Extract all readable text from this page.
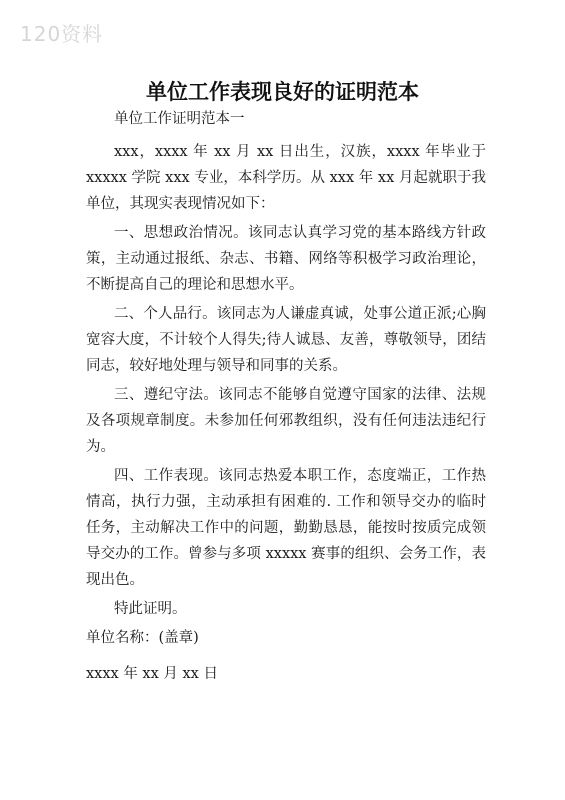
120资料
单位工作表现良好的证明范本
单位工作证明范本一

xxx，xxxx 年 xx 月 xx 日出生，汉族，xxxx 年毕业于 xxxxx 学院 xxx 专业，本科学历。从 xxx 年 xx 月起就职于我单位，其现实表现情况如下：

一、思想政治情况。该同志认真学习党的基本路线方针政策，主动通过报纸、杂志、书籍、网络等积极学习政治理论，不断提高自己的理论和思想水平。

二、个人品行。该同志为人谦虚真诚，处事公道正派;心胸宽容大度，不计较个人得失;待人诚恳、友善，尊敬领导，团结同志，较好地处理与领导和同事的关系。

三、遵纪守法。该同志不能够自觉遵守国家的法律、法规及各项规章制度。未参加任何邪教组织，没有任何违法违纪行为。

四、工作表现。该同志热爱本职工作，态度端正，工作热情高，执行力强，主动承担有困难的. 工作和领导交办的临时任务，主动解决工作中的问题，勤勤恳恳，能按时按质完成领导交办的工作。曾参与多项 xxxxx 赛事的组织、会务工作，表现出色。

特此证明。
单位名称：(盖章)
xxxx 年 xx 月 xx 日
